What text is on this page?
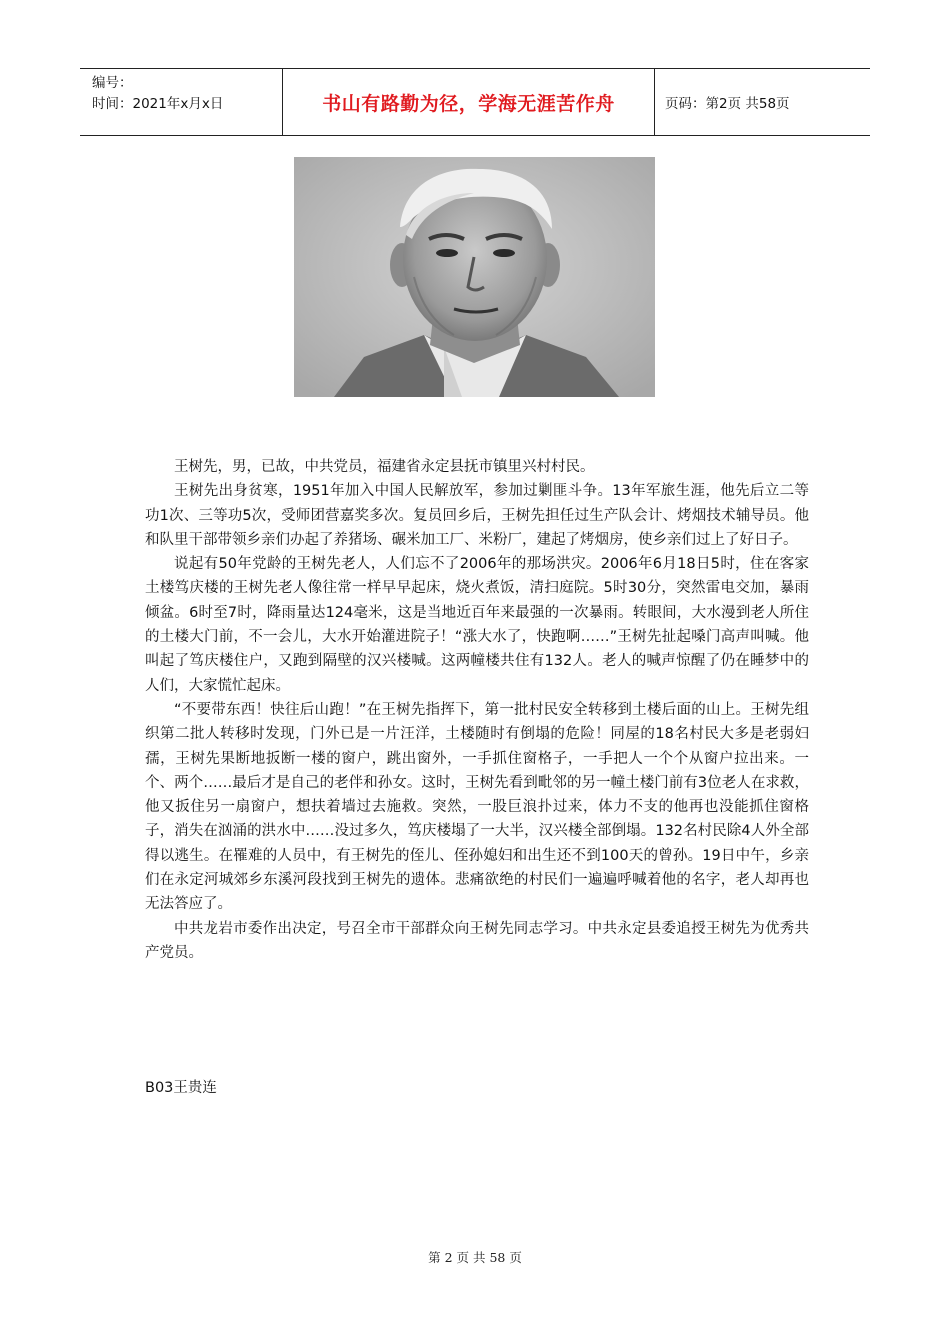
编号：
时间：2021年x月x日	书山有路勤为径，学海无涯苦作舟	页码：第2页 共58页

王树先，男，已故，中共党员，福建省永定县抚市镇里兴村村民。

王树先出身贫寒，1951年加入中国人民解放军，参加过剿匪斗争。13年军旅生涯，他先后立二等功1次、三等功5次，受师团营嘉奖多次。复员回乡后，王树先担任过生产队会计、烤烟技术辅导员。他和队里干部带领乡亲们办起了养猪场、碾米加工厂、米粉厂，建起了烤烟房，使乡亲们过上了好日子。

说起有50年党龄的王树先老人，人们忘不了2006年的那场洪灾。2006年6月18日5时，住在客家土楼笃庆楼的王树先老人像往常一样早早起床，烧火煮饭，清扫庭院。5时30分，突然雷电交加，暴雨倾盆。6时至7时，降雨量达124毫米，这是当地近百年来最强的一次暴雨。转眼间，大水漫到老人所住的土楼大门前，不一会儿，大水开始灌进院子！“涨大水了，快跑啊……”王树先扯起嗓门高声叫喊。他叫起了笃庆楼住户，又跑到隔壁的汉兴楼喊。这两幢楼共住有132人。老人的喊声惊醒了仍在睡梦中的人们，大家慌忙起床。

“不要带东西！快往后山跑！”在王树先指挥下，第一批村民安全转移到土楼后面的山上。王树先组织第二批人转移时发现，门外已是一片汪洋，土楼随时有倒塌的危险！同屋的18名村民大多是老弱妇孺，王树先果断地扳断一楼的窗户，跳出窗外，一手抓住窗格子，一手把人一个个从窗户拉出来。一个、两个……最后才是自己的老伴和孙女。这时，王树先看到毗邻的另一幢土楼门前有3位老人在求救，他又扳住另一扇窗户，想扶着墙过去施救。突然，一股巨浪扑过来，体力不支的他再也没能抓住窗格子，消失在汹涌的洪水中……没过多久，笃庆楼塌了一大半，汉兴楼全部倒塌。132名村民除4人外全部得以逃生。在罹难的人员中，有王树先的侄儿、侄孙媳妇和出生还不到100天的曾孙。19日中午，乡亲们在永定河城郊乡东溪河段找到王树先的遗体。悲痛欲绝的村民们一遍遍呼喊着他的名字，老人却再也无法答应了。

中共龙岩市委作出决定，号召全市干部群众向王树先同志学习。中共永定县委追授王树先为优秀共产党员。

B03王贵连
第 2 页 共 58 页
